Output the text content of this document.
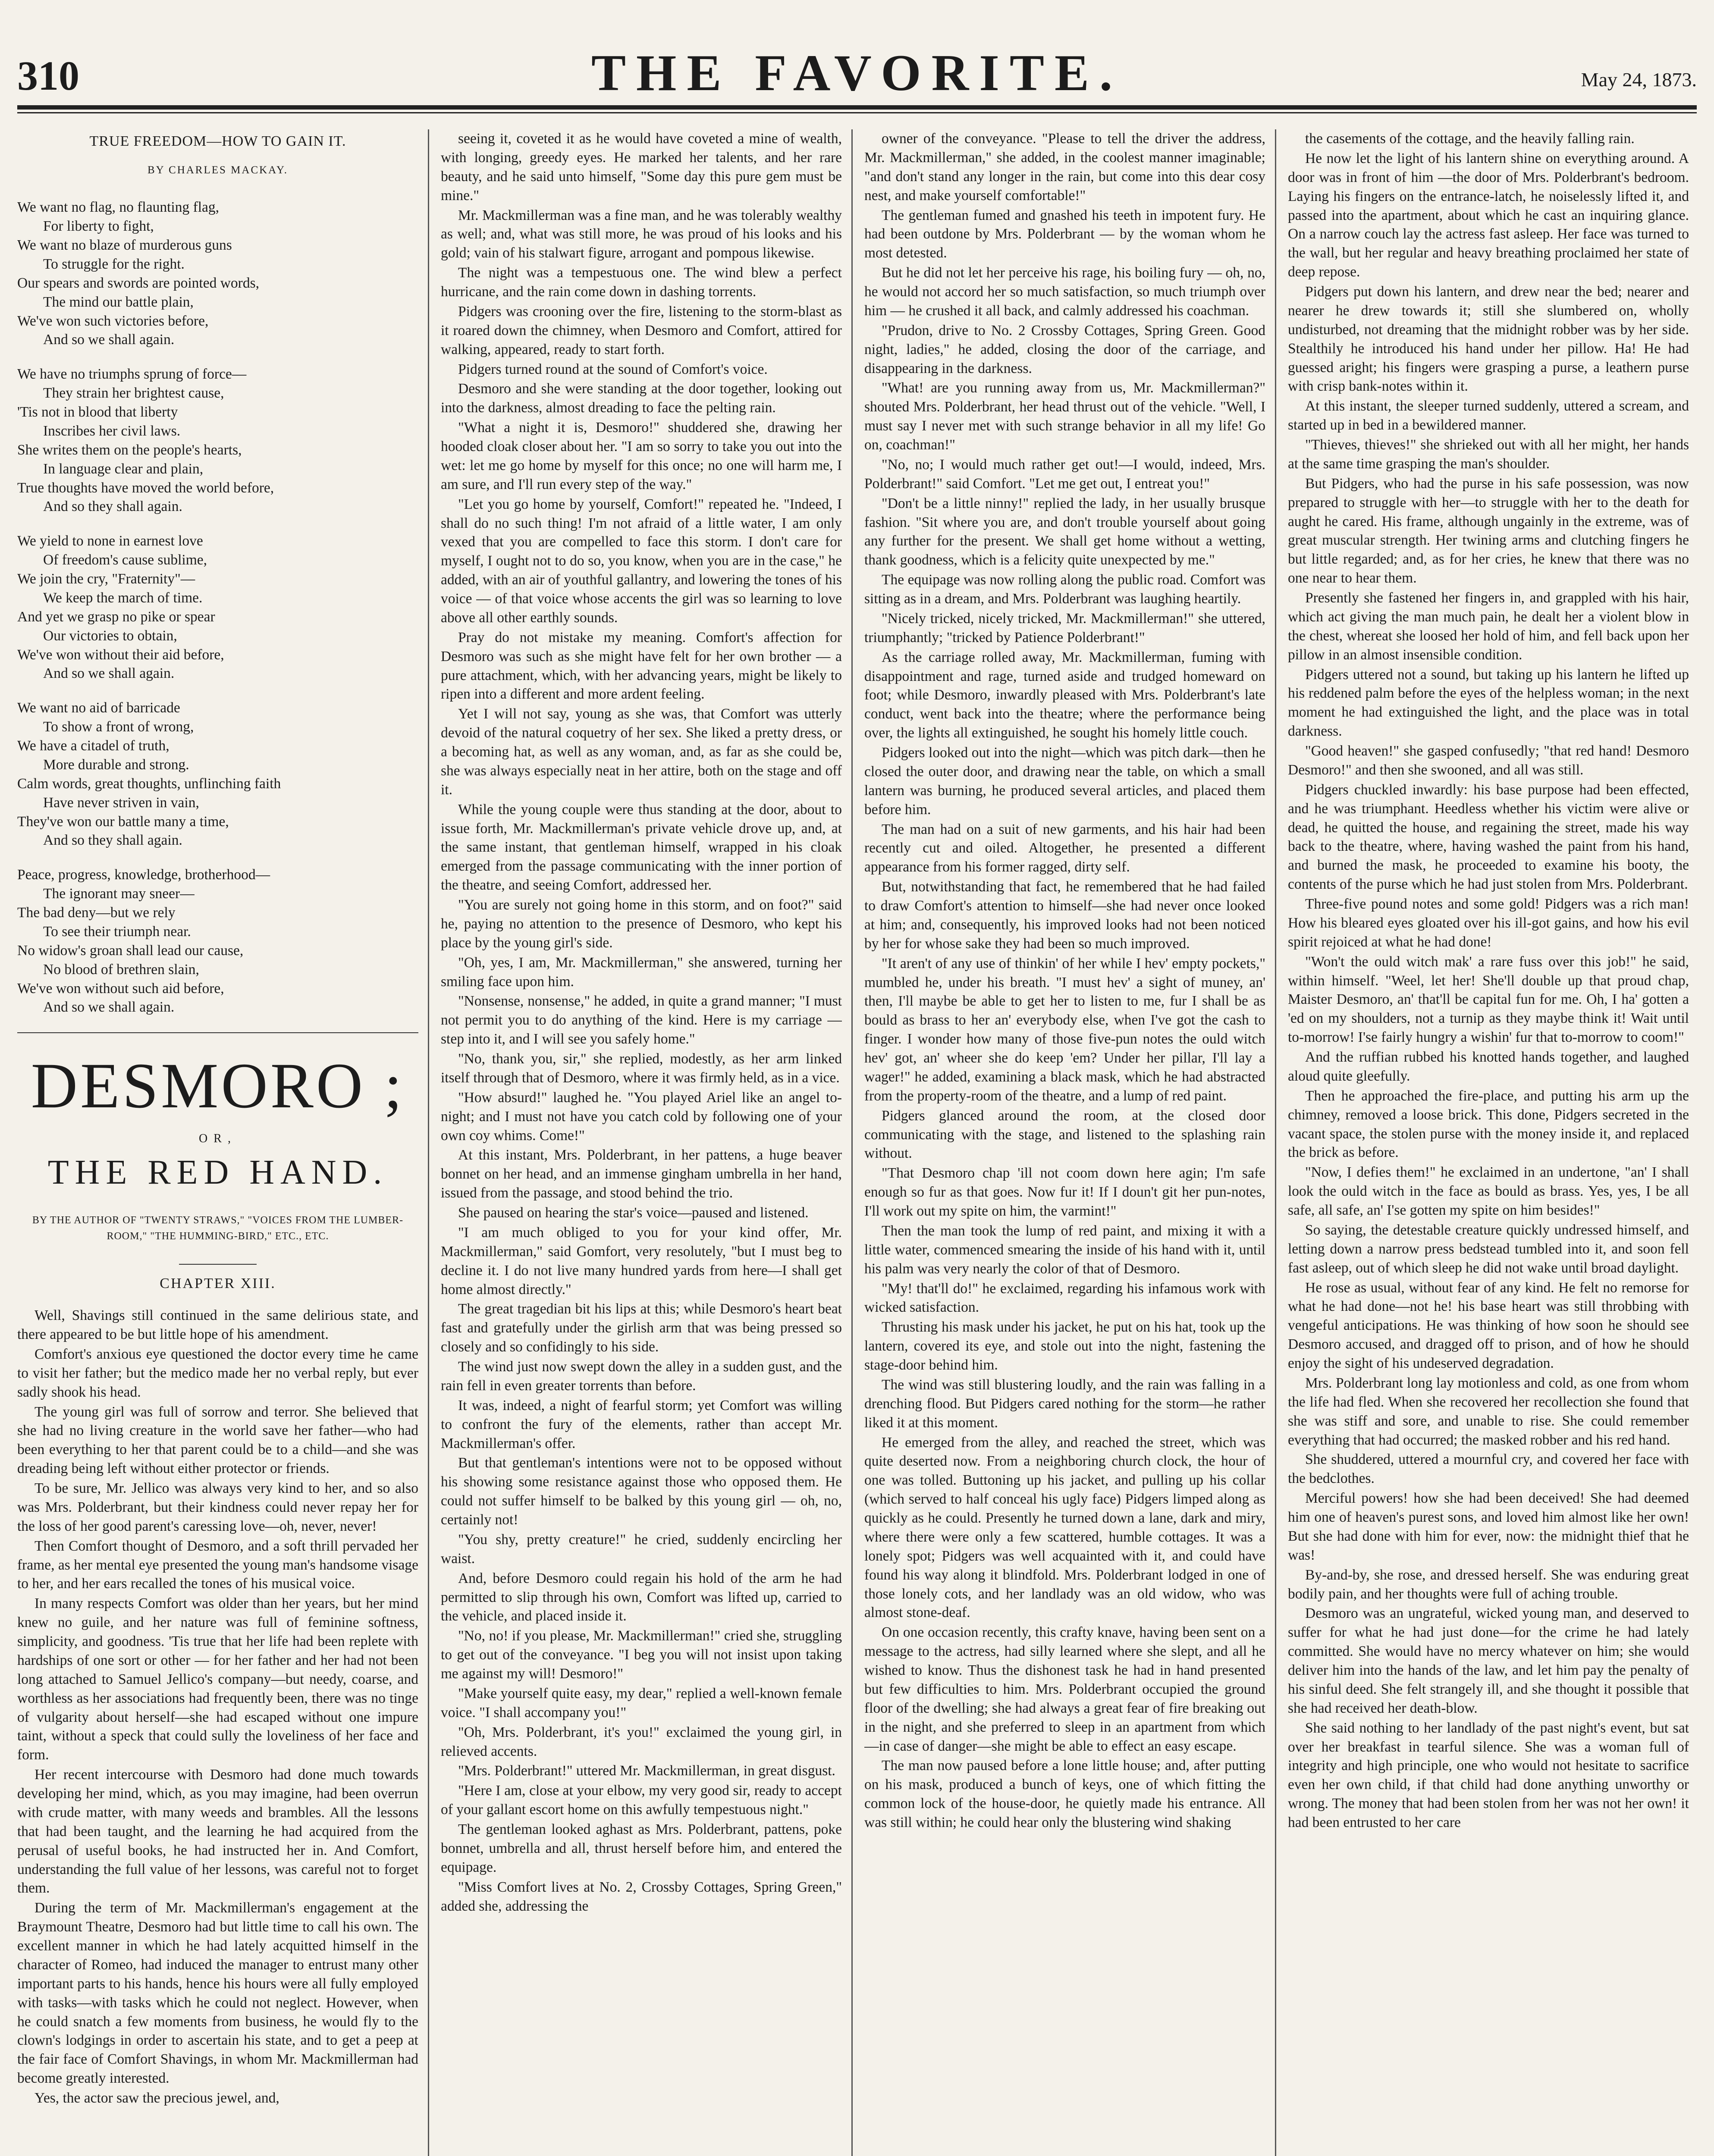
310	THE FAVORITE.	May 24, 1873.
TRUE FREEDOM—HOW TO GAIN IT.
BY CHARLES MACKAY.
We want no flag, no flaunting flag,
For liberty to fight,
We want no blaze of murderous guns
To struggle for the right.
Our spears and swords are pointed words,
The mind our battle plain,
We've won such victories before,
And so we shall again.
We have no triumphs sprung of force—
They strain her brightest cause,
'Tis not in blood that liberty
Inscribes her civil laws.
She writes them on the people's hearts,
In language clear and plain,
True thoughts have moved the world before,
And so they shall again.
We yield to none in earnest love
Of freedom's cause sublime,
We join the cry, "Fraternity"—
We keep the march of time.
And yet we grasp no pike or spear
Our victories to obtain,
We've won without their aid before,
And so we shall again.
We want no aid of barricade
To show a front of wrong,
We have a citadel of truth,
More durable and strong.
Calm words, great thoughts, unflinching faith
Have never striven in vain,
They've won our battle many a time,
And so they shall again.
Peace, progress, knowledge, brotherhood—
The ignorant may sneer—
The bad deny—but we rely
To see their triumph near.
No widow's groan shall lead our cause,
No blood of brethren slain,
We've won without such aid before,
And so we shall again.
DESMORO ;
OR,
THE RED HAND.
BY THE AUTHOR OF "TWENTY STRAWS," "VOICES FROM THE LUMBER-ROOM," "THE HUMMING-BIRD," ETC., ETC.
CHAPTER XIII.

Well, Shavings still continued in the same delirious state, and there appeared to be but little hope of his amendment.

Comfort's anxious eye questioned the doctor every time he came to visit her father; but the medico made her no verbal reply, but ever sadly shook his head.

The young girl was full of sorrow and terror. She believed that she had no living creature in the world save her father—who had been everything to her that parent could be to a child—and she was dreading being left without either protector or friends.

To be sure, Mr. Jellico was always very kind to her, and so also was Mrs. Polderbrant, but their kindness could never repay her for the loss of her good parent's caressing love—oh, never, never!

Then Comfort thought of Desmoro, and a soft thrill pervaded her frame, as her mental eye presented the young man's handsome visage to her, and her ears recalled the tones of his musical voice.

In many respects Comfort was older than her years, but her mind knew no guile, and her nature was full of feminine softness, simplicity, and goodness. 'Tis true that her life had been replete with hardships of one sort or other — for her father and her had not been long attached to Samuel Jellico's company—but needy, coarse, and worthless as her associations had frequently been, there was no tinge of vulgarity about herself—she had escaped without one impure taint, without a speck that could sully the loveliness of her face and form.

Her recent intercourse with Desmoro had done much towards developing her mind, which, as you may imagine, had been overrun with crude matter, with many weeds and brambles. All the lessons that had been taught, and the learning he had acquired from the perusal of useful books, he had instructed her in. And Comfort, understanding the full value of her lessons, was careful not to forget them.

During the term of Mr. Mackmillerman's engagement at the Braymount Theatre, Desmoro had but little time to call his own. The excellent manner in which he had lately acquitted himself in the character of Romeo, had induced the manager to entrust many other important parts to his hands, hence his hours were all fully employed with tasks—with tasks which he could not neglect. However, when he could snatch a few moments from business, he would fly to the clown's lodgings in order to ascertain his state, and to get a peep at the fair face of Comfort Shavings, in whom Mr. Mackmillerman had become greatly interested.

Yes, the actor saw the precious jewel, and,

seeing it, coveted it as he would have coveted a mine of wealth, with longing, greedy eyes. He marked her talents, and her rare beauty, and he said unto himself, "Some day this pure gem must be mine."

Mr. Mackmillerman was a fine man, and he was tolerably wealthy as well; and, what was still more, he was proud of his looks and his gold; vain of his stalwart figure, arrogant and pompous likewise.

The night was a tempestuous one. The wind blew a perfect hurricane, and the rain come down in dashing torrents.

Pidgers was crooning over the fire, listening to the storm-blast as it roared down the chimney, when Desmoro and Comfort, attired for walking, appeared, ready to start forth.

Pidgers turned round at the sound of Comfort's voice.

Desmoro and she were standing at the door together, looking out into the darkness, almost dreading to face the pelting rain.

"What a night it is, Desmoro!" shuddered she, drawing her hooded cloak closer about her. "I am so sorry to take you out into the wet: let me go home by myself for this once; no one will harm me, I am sure, and I'll run every step of the way."

"Let you go home by yourself, Comfort!" repeated he. "Indeed, I shall do no such thing! I'm not afraid of a little water, I am only vexed that you are compelled to face this storm. I don't care for myself, I ought not to do so, you know, when you are in the case," he added, with an air of youthful gallantry, and lowering the tones of his voice — of that voice whose accents the girl was so learning to love above all other earthly sounds.

Pray do not mistake my meaning. Comfort's affection for Desmoro was such as she might have felt for her own brother — a pure attachment, which, with her advancing years, might be likely to ripen into a different and more ardent feeling.

Yet I will not say, young as she was, that Comfort was utterly devoid of the natural coquetry of her sex. She liked a pretty dress, or a becoming hat, as well as any woman, and, as far as she could be, she was always especially neat in her attire, both on the stage and off it.

While the young couple were thus standing at the door, about to issue forth, Mr. Mackmillerman's private vehicle drove up, and, at the same instant, that gentleman himself, wrapped in his cloak emerged from the passage communicating with the inner portion of the theatre, and seeing Comfort, addressed her.

"You are surely not going home in this storm, and on foot?" said he, paying no attention to the presence of Desmoro, who kept his place by the young girl's side.

"Oh, yes, I am, Mr. Mackmillerman," she answered, turning her smiling face upon him.

"Nonsense, nonsense," he added, in quite a grand manner; "I must not permit you to do anything of the kind. Here is my carriage — step into it, and I will see you safely home."

"No, thank you, sir," she replied, modestly, as her arm linked itself through that of Desmoro, where it was firmly held, as in a vice.

"How absurd!" laughed he. "You played Ariel like an angel to-night; and I must not have you catch cold by following one of your own coy whims. Come!"

At this instant, Mrs. Polderbrant, in her pattens, a huge beaver bonnet on her head, and an immense gingham umbrella in her hand, issued from the passage, and stood behind the trio.

She paused on hearing the star's voice—paused and listened.

"I am much obliged to you for your kind offer, Mr. Mackmillerman," said Gomfort, very resolutely, "but I must beg to decline it. I do not live many hundred yards from here—I shall get home almost directly."

The great tragedian bit his lips at this; while Desmoro's heart beat fast and gratefully under the girlish arm that was being pressed so closely and so confidingly to his side.

The wind just now swept down the alley in a sudden gust, and the rain fell in even greater torrents than before.

It was, indeed, a night of fearful storm; yet Comfort was willing to confront the fury of the elements, rather than accept Mr. Mackmillerman's offer.

But that gentleman's intentions were not to be opposed without his showing some resistance against those who opposed them. He could not suffer himself to be balked by this young girl — oh, no, certainly not!

"You shy, pretty creature!" he cried, suddenly encircling her waist.

And, before Desmoro could regain his hold of the arm he had permitted to slip through his own, Comfort was lifted up, carried to the vehicle, and placed inside it.

"No, no! if you please, Mr. Mackmillerman!" cried she, struggling to get out of the conveyance. "I beg you will not insist upon taking me against my will! Desmoro!"

"Make yourself quite easy, my dear," replied a well-known female voice. "I shall accompany you!"

"Oh, Mrs. Polderbrant, it's you!" exclaimed the young girl, in relieved accents.

"Mrs. Polderbrant!" uttered Mr. Mackmillerman, in great disgust.

"Here I am, close at your elbow, my very good sir, ready to accept of your gallant escort home on this awfully tempestuous night."

The gentleman looked aghast as Mrs. Polderbrant, pattens, poke bonnet, umbrella and all, thrust herself before him, and entered the equipage.

"Miss Comfort lives at No. 2, Crossby Cottages, Spring Green," added she, addressing the

owner of the conveyance. "Please to tell the driver the address, Mr. Mackmillerman," she added, in the coolest manner imaginable; "and don't stand any longer in the rain, but come into this dear cosy nest, and make yourself comfortable!"

The gentleman fumed and gnashed his teeth in impotent fury. He had been outdone by Mrs. Polderbrant — by the woman whom he most detested.

But he did not let her perceive his rage, his boiling fury — oh, no, he would not accord her so much satisfaction, so much triumph over him — he crushed it all back, and calmly addressed his coachman.

"Prudon, drive to No. 2 Crossby Cottages, Spring Green. Good night, ladies," he added, closing the door of the carriage, and disappearing in the darkness.

"What! are you running away from us, Mr. Mackmillerman?" shouted Mrs. Polderbrant, her head thrust out of the vehicle. "Well, I must say I never met with such strange behavior in all my life! Go on, coachman!"

"No, no; I would much rather get out!—I would, indeed, Mrs. Polderbrant!" said Comfort. "Let me get out, I entreat you!"

"Don't be a little ninny!" replied the lady, in her usually brusque fashion. "Sit where you are, and don't trouble yourself about going any further for the present. We shall get home without a wetting, thank goodness, which is a felicity quite unexpected by me."

The equipage was now rolling along the public road. Comfort was sitting as in a dream, and Mrs. Polderbrant was laughing heartily.

"Nicely tricked, nicely tricked, Mr. Mackmillerman!" she uttered, triumphantly; "tricked by Patience Polderbrant!"

As the carriage rolled away, Mr. Mackmillerman, fuming with disappointment and rage, turned aside and trudged homeward on foot; while Desmoro, inwardly pleased with Mrs. Polderbrant's late conduct, went back into the theatre; where the performance being over, the lights all extinguished, he sought his homely little couch.

Pidgers looked out into the night—which was pitch dark—then he closed the outer door, and drawing near the table, on which a small lantern was burning, he produced several articles, and placed them before him.

The man had on a suit of new garments, and his hair had been recently cut and oiled. Altogether, he presented a different appearance from his former ragged, dirty self.

But, notwithstanding that fact, he remembered that he had failed to draw Comfort's attention to himself—she had never once looked at him; and, consequently, his improved looks had not been noticed by her for whose sake they had been so much improved.

"It aren't of any use of thinkin' of her while I hev' empty pockets," mumbled he, under his breath. "I must hev' a sight of muney, an' then, I'll maybe be able to get her to listen to me, fur I shall be as bould as brass to her an' everybody else, when I've got the cash to finger. I wonder how many of those five-pun notes the ould witch hev' got, an' wheer she do keep 'em? Under her pillar, I'll lay a wager!" he added, examining a black mask, which he had abstracted from the property-room of the theatre, and a lump of red paint.

Pidgers glanced around the room, at the closed door communicating with the stage, and listened to the splashing rain without.

"That Desmoro chap 'ill not coom down here agin; I'm safe enough so fur as that goes. Now fur it! If I doun't git her pun-notes, I'll work out my spite on him, the varmint!"

Then the man took the lump of red paint, and mixing it with a little water, commenced smearing the inside of his hand with it, until his palm was very nearly the color of that of Desmoro.

"My! that'll do!" he exclaimed, regarding his infamous work with wicked satisfaction.

Thrusting his mask under his jacket, he put on his hat, took up the lantern, covered its eye, and stole out into the night, fastening the stage-door behind him.

The wind was still blustering loudly, and the rain was falling in a drenching flood. But Pidgers cared nothing for the storm—he rather liked it at this moment.

He emerged from the alley, and reached the street, which was quite deserted now. From a neighboring church clock, the hour of one was tolled. Buttoning up his jacket, and pulling up his collar (which served to half conceal his ugly face) Pidgers limped along as quickly as he could. Presently he turned down a lane, dark and miry, where there were only a few scattered, humble cottages. It was a lonely spot; Pidgers was well acquainted with it, and could have found his way along it blindfold. Mrs. Polderbrant lodged in one of those lonely cots, and her landlady was an old widow, who was almost stone-deaf.

On one occasion recently, this crafty knave, having been sent on a message to the actress, had silly learned where she slept, and all he wished to know. Thus the dishonest task he had in hand presented but few difficulties to him. Mrs. Polderbrant occupied the ground floor of the dwelling; she had always a great fear of fire breaking out in the night, and she preferred to sleep in an apartment from which —in case of danger—she might be able to effect an easy escape.

The man now paused before a lone little house; and, after putting on his mask, produced a bunch of keys, one of which fitting the common lock of the house-door, he quietly made his entrance. All was still within; he could hear only the blustering wind shaking

the casements of the cottage, and the heavily falling rain.

He now let the light of his lantern shine on everything around. A door was in front of him —the door of Mrs. Polderbrant's bedroom. Laying his fingers on the entrance-latch, he noiselessly lifted it, and passed into the apartment, about which he cast an inquiring glance. On a narrow couch lay the actress fast asleep. Her face was turned to the wall, but her regular and heavy breathing proclaimed her state of deep repose.

Pidgers put down his lantern, and drew near the bed; nearer and nearer he drew towards it; still she slumbered on, wholly undisturbed, not dreaming that the midnight robber was by her side. Stealthily he introduced his hand under her pillow. Ha! He had guessed aright; his fingers were grasping a purse, a leathern purse with crisp bank-notes within it.

At this instant, the sleeper turned suddenly, uttered a scream, and started up in bed in a bewildered manner.

"Thieves, thieves!" she shrieked out with all her might, her hands at the same time grasping the man's shoulder.

But Pidgers, who had the purse in his safe possession, was now prepared to struggle with her—to struggle with her to the death for aught he cared. His frame, although ungainly in the extreme, was of great muscular strength. Her twining arms and clutching fingers he but little regarded; and, as for her cries, he knew that there was no one near to hear them.

Presently she fastened her fingers in, and grappled with his hair, which act giving the man much pain, he dealt her a violent blow in the chest, whereat she loosed her hold of him, and fell back upon her pillow in an almost insensible condition.

Pidgers uttered not a sound, but taking up his lantern he lifted up his reddened palm before the eyes of the helpless woman; in the next moment he had extinguished the light, and the place was in total darkness.

"Good heaven!" she gasped confusedly; "that red hand! Desmoro Desmoro!" and then she swooned, and all was still.

Pidgers chuckled inwardly: his base purpose had been effected, and he was triumphant. Heedless whether his victim were alive or dead, he quitted the house, and regaining the street, made his way back to the theatre, where, having washed the paint from his hand, and burned the mask, he proceeded to examine his booty, the contents of the purse which he had just stolen from Mrs. Polderbrant.

Three-five pound notes and some gold! Pidgers was a rich man! How his bleared eyes gloated over his ill-got gains, and how his evil spirit rejoiced at what he had done!

"Won't the ould witch mak' a rare fuss over this job!" he said, within himself. "Weel, let her! She'll double up that proud chap, Maister Desmoro, an' that'll be capital fun for me. Oh, I ha' gotten a 'ed on my shoulders, not a turnip as they maybe think it! Wait until to-morrow! I'se fairly hungry a wishin' fur that to-morrow to coom!"

And the ruffian rubbed his knotted hands together, and laughed aloud quite gleefully.

Then he approached the fire-place, and putting his arm up the chimney, removed a loose brick. This done, Pidgers secreted in the vacant space, the stolen purse with the money inside it, and replaced the brick as before.

"Now, I defies them!" he exclaimed in an undertone, "an' I shall look the ould witch in the face as bould as brass. Yes, yes, I be all safe, all safe, an' I'se gotten my spite on him besides!"

So saying, the detestable creature quickly undressed himself, and letting down a narrow press bedstead tumbled into it, and soon fell fast asleep, out of which sleep he did not wake until broad daylight.

He rose as usual, without fear of any kind. He felt no remorse for what he had done—not he! his base heart was still throbbing with vengeful anticipations. He was thinking of how soon he should see Desmoro accused, and dragged off to prison, and of how he should enjoy the sight of his undeserved degradation.

Mrs. Polderbrant long lay motionless and cold, as one from whom the life had fled. When she recovered her recollection she found that she was stiff and sore, and unable to rise. She could remember everything that had occurred; the masked robber and his red hand.

She shuddered, uttered a mournful cry, and covered her face with the bedclothes.

Merciful powers! how she had been deceived! She had deemed him one of heaven's purest sons, and loved him almost like her own! But she had done with him for ever, now: the midnight thief that he was!

By-and-by, she rose, and dressed herself. She was enduring great bodily pain, and her thoughts were full of aching trouble.

Desmoro was an ungrateful, wicked young man, and deserved to suffer for what he had just done—for the crime he had lately committed. She would have no mercy whatever on him; she would deliver him into the hands of the law, and let him pay the penalty of his sinful deed. She felt strangely ill, and she thought it possible that she had received her death-blow.

She said nothing to her landlady of the past night's event, but sat over her breakfast in tearful silence. She was a woman full of integrity and high principle, one who would not hesitate to sacrifice even her own child, if that child had done anything unworthy or wrong. The money that had been stolen from her was not her own! it had been entrusted to her care
